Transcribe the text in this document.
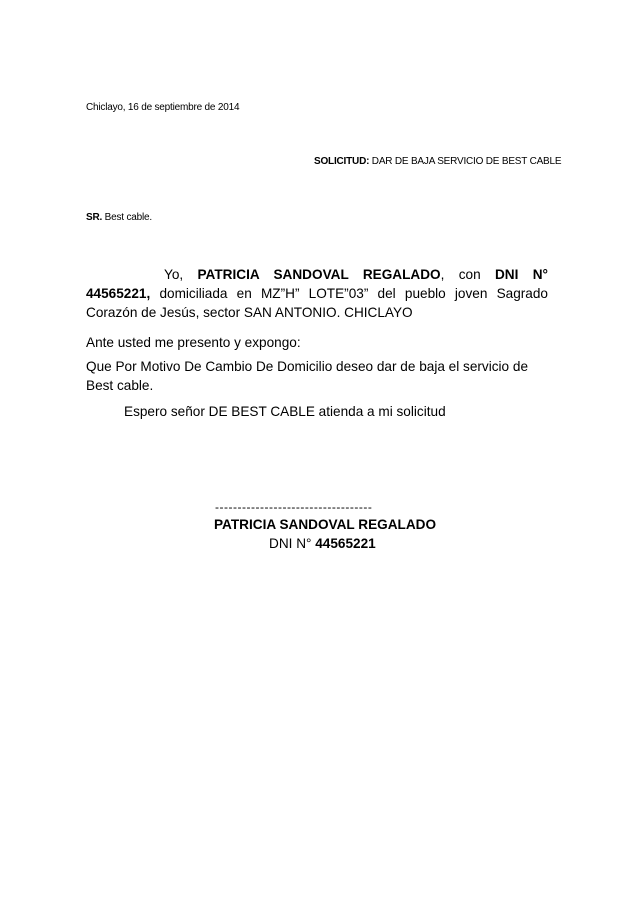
Chiclayo, 16 de septiembre de 2014
SOLICITUD: DAR DE BAJA SERVICIO DE BEST CABLE
SR. Best cable.
Yo, PATRICIA SANDOVAL REGALADO, con DNI N° 44565221, domiciliada en MZ”H” LOTE”03” del pueblo joven Sagrado Corazón de Jesús, sector SAN ANTONIO. CHICLAYO
Ante usted me presento y expongo:
Que Por Motivo De Cambio De Domicilio deseo dar de baja el servicio de Best cable.
Espero señor DE BEST CABLE atienda a mi solicitud
-----------------------------------
PATRICIA SANDOVAL REGALADO
DNI N° 44565221
